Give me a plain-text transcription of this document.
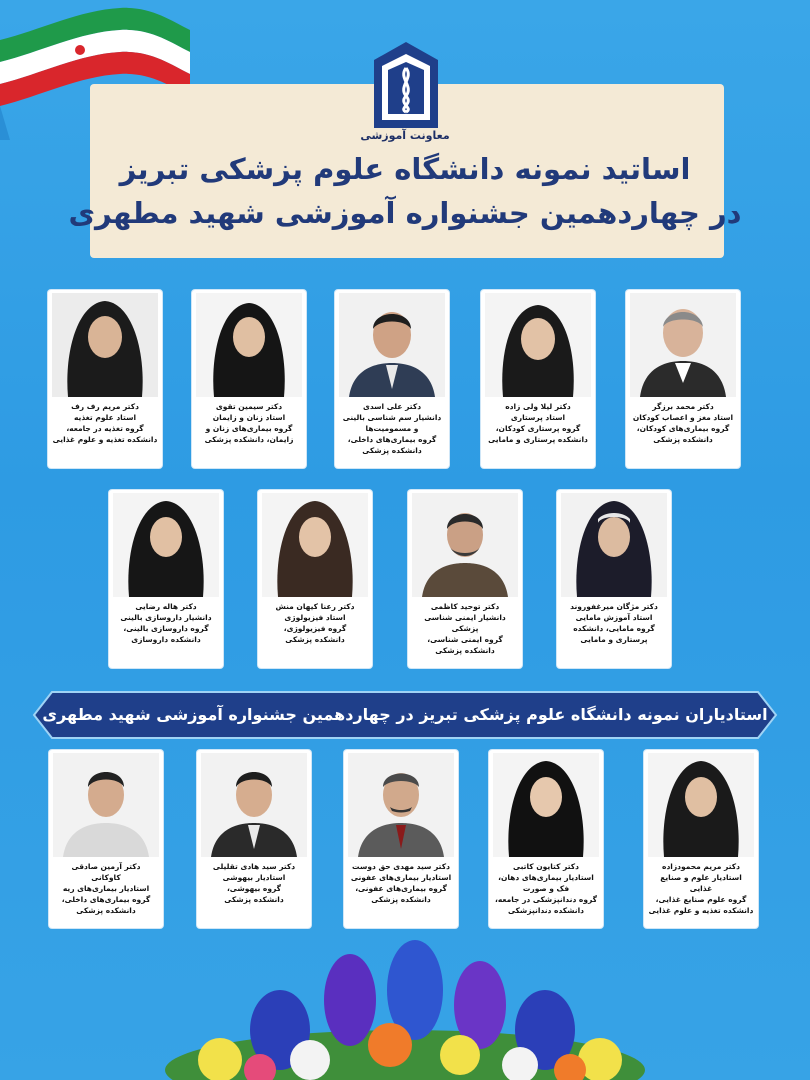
معاونت آموزشی
اساتید نمونه دانشگاه علوم پزشکی تبریز
در چهاردهمین جشنواره آموزشی شهید مطهری
دکتر محمد برزگر
استاد مغز و اعصاب کودکان
گروه بیماری‌های کودکان،
دانشکده پزشکی
دکتر لیلا ولی زاده
استاد پرستاری
گروه پرستاری کودکان،
دانشکده پرستاری و مامایی
دکتر علی اسدی
دانشیار سم شناسی بالینی
و مسمومیت‌ها
گروه بیماری‌های داخلی،
دانشکده پزشکی
دکتر سیمین تقوی
استاد زنان و زایمان
گروه بیماری‌های زنان و
زایمان، دانشکده پزشکی
دکتر مریم رف رف
استاد علوم تغذیه
گروه تغذیه در جامعه،
دانشکده تغذیه و علوم غذایی
دکتر مژگان میرغفوروند
استاد آموزش مامایی
گروه مامایی، دانشکده
پرستاری و مامایی
دکتر توحید کاظمی
دانشیار ایمنی شناسی پزشکی
گروه ایمنی شناسی،
دانشکده پزشکی
دکتر رعنا کیهان منش
استاد فیزیولوژی
گروه فیزیولوژی،
دانشکده پزشکی
دکتر هاله رضایی
دانشیار داروسازی بالینی
گروه داروسازی بالینی،
دانشکده داروسازی
استادیاران نمونه دانشگاه علوم پزشکی تبریز در چهاردهمین جشنواره آموزشی شهید مطهری
دکتر مریم محمودزاده
استادیار علوم و صنایع غذایی
گروه علوم صنایع غذایی،
دانشکده تغذیه و علوم غذایی
دکتر کتایون کاتبی
استادیار بیماری‌های دهان،
فک و صورت
گروه دندانپزشکی در جامعه،
دانشکده دندانپزشکی
دکتر سید مهدی حق دوست
استادیار بیماری‌های عفونی
گروه بیماری‌های عفونی،
دانشکده پزشکی
دکتر سید هادی تقلیلی
استادیار بیهوشی
گروه بیهوشی،
دانشکده پزشکی
دکتر آرمین صادقی
کاوکانی
استادیار بیماری‌های ریه
گروه بیماری‌های داخلی،
دانشکده پزشکی
